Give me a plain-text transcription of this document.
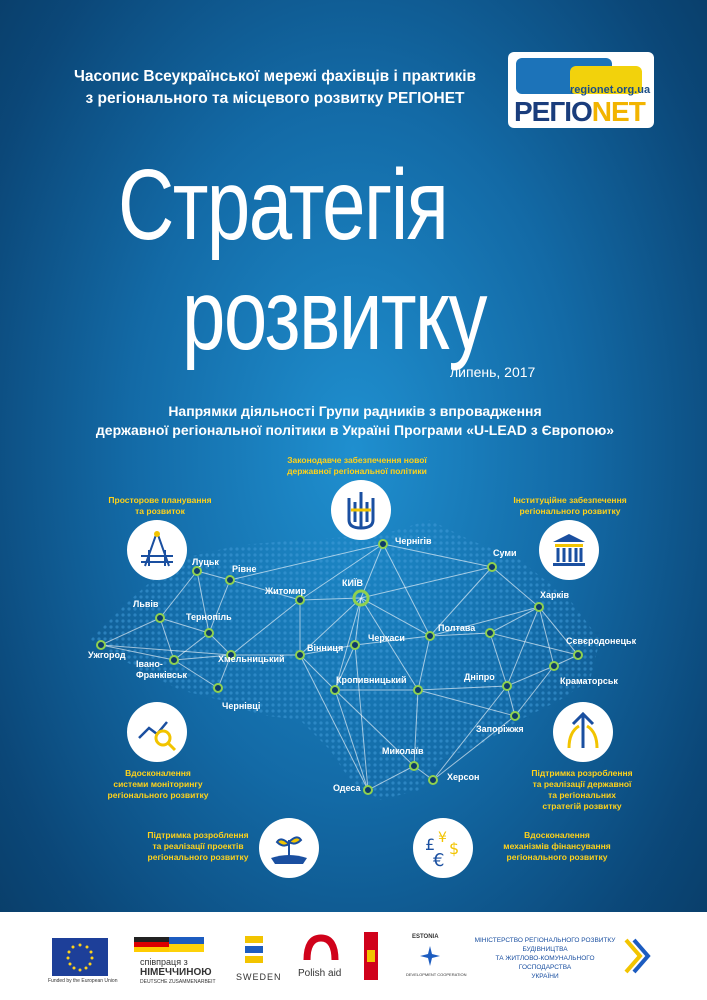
Часопис Всеукраїнської мережі фахівців і практиків
з регіонального та місцевого розвитку РЕГІОНЕТ	regionet.org.ua
РЕГІОNET
Стратегія
розвитку
липень, 2017
Напрямки діяльності Групи радників з впровадження
державної регіональної політики в Україні Програми «U-LEAD з Європою»
Чернігів
Суми
Луцьк
Рівне
КИЇВ
Житомир	Харків
Львів
Тернопіль
Черкаси
Полтава
Сєвєродонецьк
Ужгород
Івано-
Франківськ
Хмельницький
Вінниця
Кропивницький	Дніпро	Краматорськ
Чернівці
Запоріжжя
Миколаїв
Херсон
Одеса
Законодавче забезпечення нової
державної регіональної політики
Просторове планування
та розвиток
Інституційне забезпечення
регіонального розвитку
Вдосконалення
системи моніторингу
регіонального розвитку
Підтримка розроблення
та реалізації державної
та регіональних
стратегій розвитку
Підтримка розроблення
та реалізації проектів
регіонального розвитку
£ ¥
$
€
Вдосконалення
механізмів фінансування
регіонального розвитку
Funded by the European Union
співпраця з
НІМЕЧЧИНОЮ
DEUTSCHE ZUSAMMENARBEIT SWEDEN Polish aid
ESTONIA
DEVELOPMENT COOPERATION
МІНІСТЕРСТВО РЕГІОНАЛЬНОГО РОЗВИТКУ
БУДІВНИЦТВА
ТА ЖИТЛОВО-КОМУНАЛЬНОГО ГОСПОДАРСТВА
УКРАЇНИ
